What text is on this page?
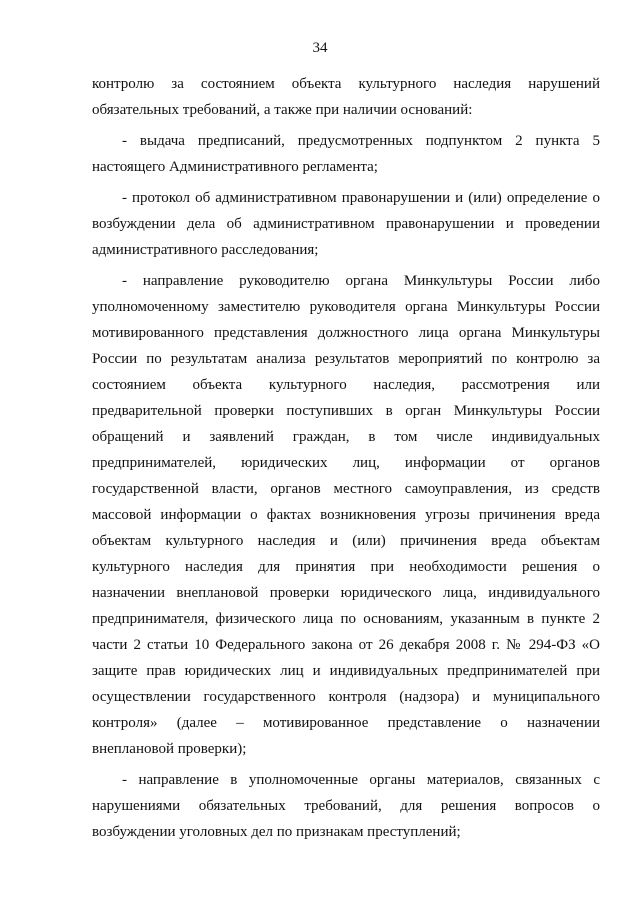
34
контролю за состоянием объекта культурного наследия нарушений
обязательных требований, а также при наличии оснований:
- выдача предписаний, предусмотренных подпунктом 2 пункта 5
настоящего Административного регламента;
- протокол об административном правонарушении и (или) определение о
возбуждении дела об административном правонарушении и проведении
административного расследования;
- направление руководителю органа Минкультуры России либо
уполномоченному заместителю руководителя органа Минкультуры России
мотивированного представления должностного лица органа Минкультуры
России по результатам анализа результатов мероприятий по контролю за
состоянием объекта культурного наследия, рассмотрения или
предварительной проверки поступивших в орган Минкультуры России
обращений и заявлений граждан, в том числе индивидуальных
предпринимателей, юридических лиц, информации от органов
государственной власти, органов местного самоуправления, из средств
массовой информации о фактах возникновения угрозы причинения вреда
объектам культурного наследия и (или) причинения вреда объектам
культурного наследия для принятия при необходимости решения о
назначении внеплановой проверки юридического лица, индивидуального
предпринимателя, физического лица по основаниям, указанным в пункте 2
части 2 статьи 10 Федерального закона от 26 декабря 2008 г. № 294-ФЗ «О
защите прав юридических лиц и индивидуальных предпринимателей при
осуществлении государственного контроля (надзора) и муниципального
контроля» (далее – мотивированное представление о назначении
внеплановой проверки);
- направление в уполномоченные органы материалов, связанных с
нарушениями обязательных требований, для решения вопросов о
возбуждении уголовных дел по признакам преступлений;
